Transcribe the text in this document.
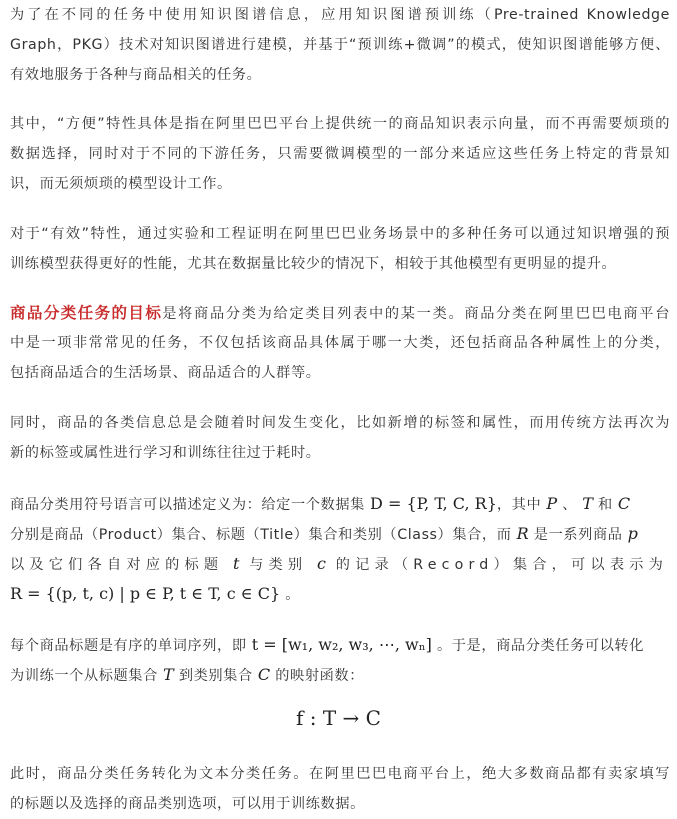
为了在不同的任务中使用知识图谱信息，应用知识图谱预训练（Pre-trained Knowledge
Graph，PKG）技术对知识图谱进行建模，并基于“预训练+微调”的模式，使知识图谱能够方便、
有效地服务于各种与商品相关的任务。
其中，“方便”特性具体是指在阿里巴巴平台上提供统一的商品知识表示向量，而不再需要烦琐的
数据选择，同时对于不同的下游任务，只需要微调模型的一部分来适应这些任务上特定的背景知
识，而无须烦琐的模型设计工作。
对于“有效”特性，通过实验和工程证明在阿里巴巴业务场景中的多种任务可以通过知识增强的预
训练模型获得更好的性能，尤其在数据量比较少的情况下，相较于其他模型有更明显的提升。
商品分类任务的目标是将商品分类为给定类目列表中的某一类。商品分类在阿里巴巴电商平台
中是一项非常常见的任务，不仅包括该商品具体属于哪一大类，还包括商品各种属性上的分类，
包括商品适合的生活场景、商品适合的人群等。
同时，商品的各类信息总是会随着时间发生变化，比如新增的标签和属性，而用传统方法再次为
新的标签或属性进行学习和训练往往过于耗时。
商品分类用符号语言可以描述定义为：给定一个数据集 D = {P, T, C, R}，其中 P 、 T 和 C
分别是商品（Product）集合、标题（Title）集合和类别（Class）集合，而 R 是一系列商品 p
以及它们各自对应的标题 t 与类别 c 的记录（Record）集合，可以表示为
R = {(p, t, c) | p ∈ P, t ∈ T, c ∈ C} 。
每个商品标题是有序的单词序列，即 t = [w₁, w₂, w₃, ⋯, wₙ] 。于是，商品分类任务可以转化
为训练一个从标题集合 T 到类别集合 C 的映射函数：
f : T → C
此时，商品分类任务转化为文本分类任务。在阿里巴巴电商平台上，绝大多数商品都有卖家填写
的标题以及选择的商品类别选项，可以用于训练数据。
